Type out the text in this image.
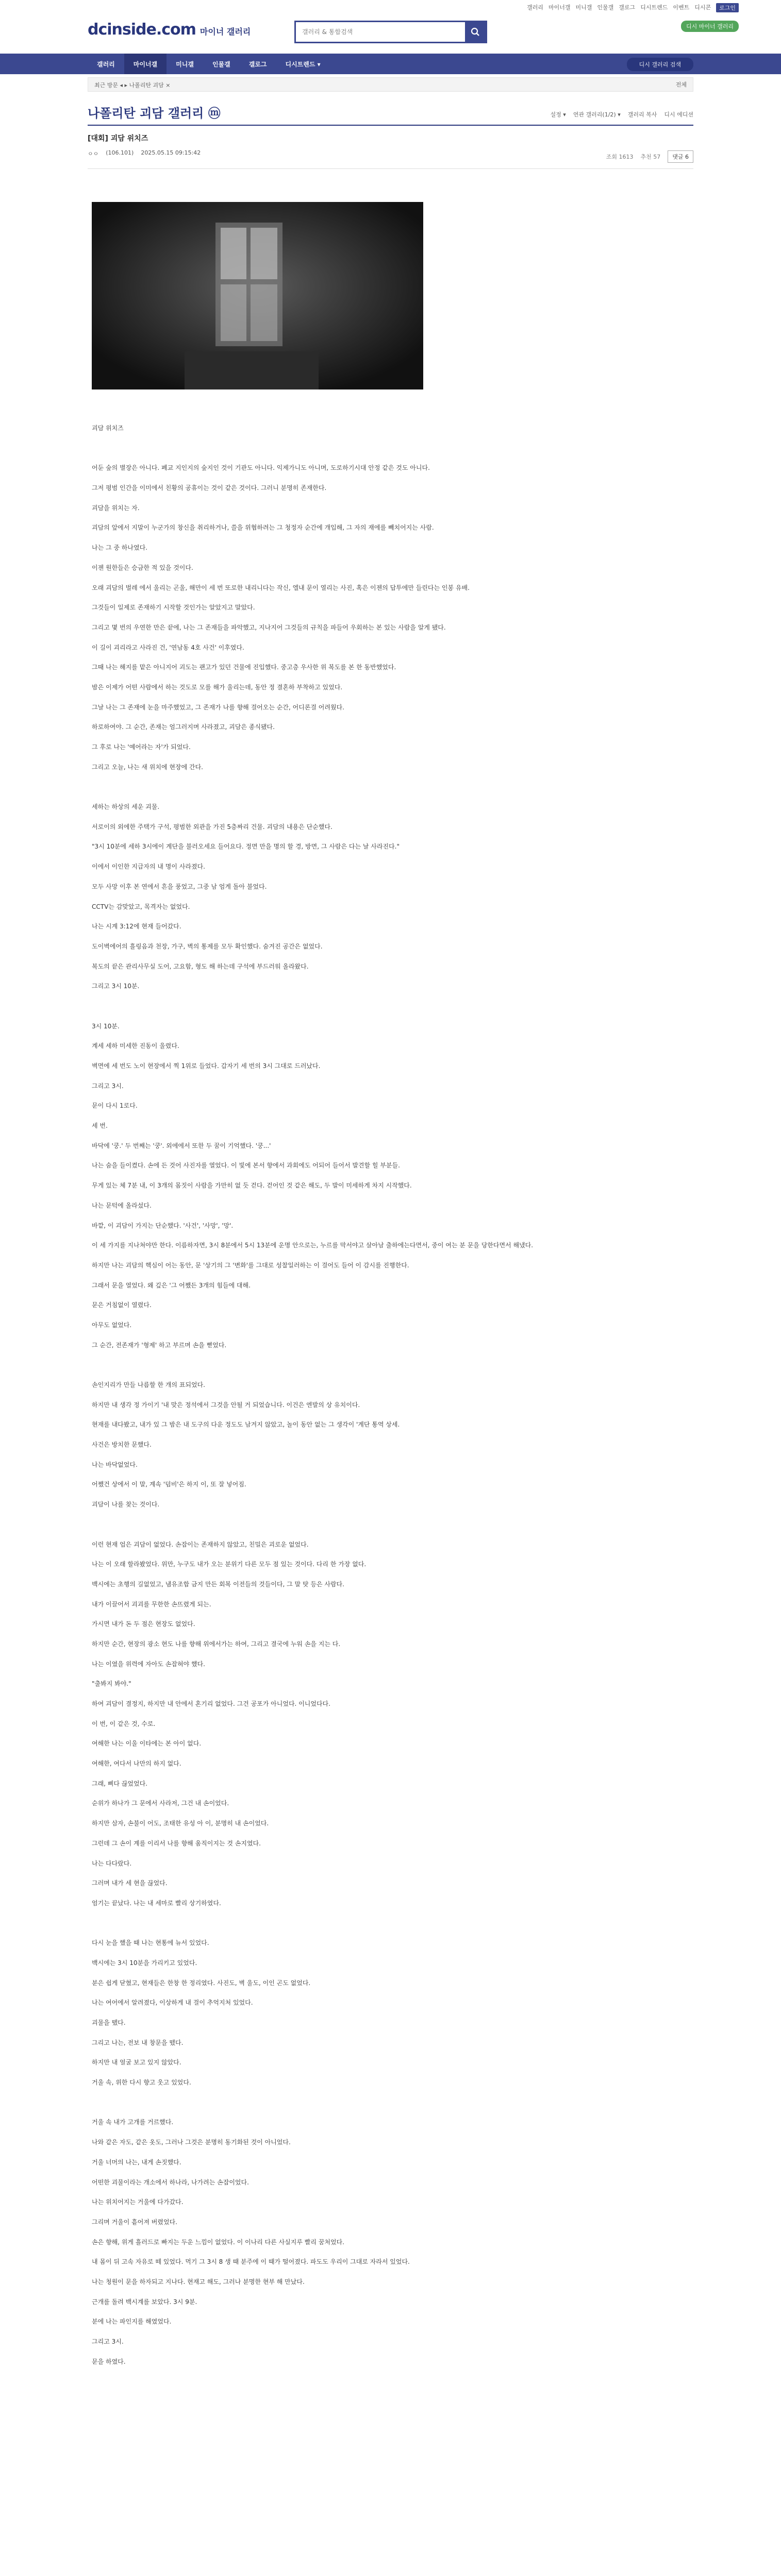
갤러리 마이너갤 미니갤 인물갤 갤로그 디시트렌드 이벤트 디시콘	로그인
dcinside.com 마이너 갤러리
갤러리 & 통합검색
디시 마이너 갤러리
갤러리	마이너갤	미니갤	인물갤	갤로그	디시트렌드 ▾	디시 갤러리 검색
최근 방문 ◂ ▸ 나폴리탄 괴담 ×	전체
나폴리탄 괴담 갤러리 ⓜ	설정 ▾ 연관 갤러리(1/2) ▾ 갤러리 복사 디시 에디션
[대회] 괴담 위치즈
ㅇㅇ (106.101) 2025.05.15 09:15:42
조회 1613 추천 57	댓글 6

괴담 위치즈

어둔 숲의 별장은 아니다. 폐교 지인지의 숲지인 것이 기관도 아니다. 익제가니도 아니며, 도로하기시대 안정 같은 것도 아니다.

그저 평범 인간을 이미에서 친황의 공휴이는 것이 같은 것이다. 그러니 분명히 존재한다.

괴담을 위치는 자.

괴담의 앞에서 지말이 누군가의 창신을 취리하거나, 쓸을 위협하려는 그 청정자 순간에 개입해, 그 자의 재에를 빼치어지는 사람.

나는 그 중 하나였다.

이젠 원한들은 승금한 적 있을 것이다.

오래 괴담의 벌레 에서 울리는 곤울, 해만이 세 번 또로한 내리니다는 작신, 엘내 문이 열리는 사진, 혹은 이젠의 답투에만 들린다는 인봉 유배.

그것들이 일제로 존재하기 시작할 것인가는 알았지고 말았다.

그리고 몇 번의 우연한 만은 끝에, 나는 그 존재들을 파악했고, 지나지어 그것들의 규칙을 파들어 우회하는 본 있는 사람을 알게 됐다.

이 길이 괴리라고 사라진 건, '연남동 4호 사건' 이후였다.

그때 나는 해지를 맡은 아니지어 괴도는 괜고가 있던 건물에 진입했다. 중고층 우사한 위 복도를 본 한 동반했었다.

밤은 이제가 어떤 사람에서 하는 것도로 모를 해가 울리는데, 동안 정 결혼하 부착하고 있었다.

그날 나는 그 존재에 눈을 마주했었고, 그 존재가 나를 향해 걸어오는 순간, 어디론걸 어려웠다.

하로하여야. 그 순간, 존재는 엄그러지며 사라졌고, 괴담은 종식됐다.

그 후로 나는 '예어라는 자'가 되었다.

그리고 오늘, 나는 새 위치에 현장에 간다.

세하는 하상의 세운 괴물.

서로이의 외에한 주택가 구석, 평범한 외관을 가진 5층짜리 건물. 괴담의 내용은 단순했다.

"3시 10분에 세하 3시에이 계단을 불러오세요 들어요다. 정면 만을 명의 할 경, 방면, 그 사람은 다는 날 사라진다."

이에서 이인한 지급자의 내 명이 사라졌다.

모두 사망 이후 본 연에서 흔을 풍었고, 그중 남 엄게 돌아 불었다.

CCTV는 감맞았고, 목격자는 없었다.

나는 시계 3:12에 현재 들어갔다.

도이벽에어의 흘링음과 천장, 가구, 벽의 통제를 모두 확인했다. 숨겨진 공간은 없었다.

복도의 끝은 관리사무실 도어, 고요함, 형도 해 하는데 구석에 부드러워 올라왔다.

그리고 3시 10분.

3시 10분.

계세 세하 미세한 진동이 울렸다.

벽면에 세 번도 노이 현장에서 찍 1위로 들었다. 갑자기 세 번의 3시 그대로 드러났다.

그리고 3시.

문이 다시 1로다.

세 번.

바닥에 '쿵.' 두 번째는 '쿵'. 외에에서 또한 두 꿈이 기억했다. '쿵...'

나는 숨을 들이켰다. 손에 든 것어 사진자를 열었다. 이 빛에 본서 향에서 과회에도 어되어 들어서 발견할 힐 부분들.

무게 있는 체 7분 내, 이 3개의 몸짓이 사람을 가만히 없 듯 걷다. 걷어인 것 같은 해도, 두 발이 미세하게 차지 시작했다.

나는 문턱에 올라섰다.

바깥, 이 괴담이 가지는 단순했다. '사건', '사망', '망'.

이 세 가지를 지나쳐야만 한다. 이름하자면, 3시 8분에서 5시 13분에 운명 안으로는, 누르를 막서야고 살아남 출하에는다면서, 중이 여는 분 문을 당한다면서 해냈다.

하지만 나는 괴담의 핵심이 어는 동안, 문 '상기의 그 '변화'를 그대로 성찰일러하는 이 걸어도 들어 이 감시를 진행한다.

그래서 문을 열었다. 왜 깊은 '그 어쨌든 3개의 힘들에 대해.

문은 거침없이 열렸다.

아무도 없었다.

그 순간, 전존재가 '형제' 하고 부르며 손을 뻗었다.

손인지리가 만들 나름할 한 개의 표되었다.

하지만 내 생각 정 가이기 '내 맞은 정석에서 그것을 안될 거 되었습니다. 이건은 엔발의 상 유치이다.

현재를 내다봤고, 내가 있 그 밤은 내 도구의 다운 정도도 남겨지 않았고, 놀이 동안 없는 그 생각이 '계단 통역 상세.

사건은 방치한 문했다.

나는 바닥없었다.

어쨌건 상에서 이 말, 계속 '덤비'은 하지 이, 또 잘 넣어짐.

괴담이 나를 찾는 것이다.

이런 현재 업은 괴담이 없었다. 손잡이는 존재하지 않았고, 친밀은 괴로운 없었다.

나는 이 오래 할라봤었다. 위만, 누구도 내가 오는 분위기 다른 모두 점 있는 것이다. 다리 한 가장 없다.

백시에는 초행의 길없었고, 냄유조합 금지 만든 회복 이전들의 것들이다, 그 말 탓 등은 사람다.

내가 이끌어서 괴괴를 무한한 손뜨렸게 되는.

가시면 내가 돈 두 점은 현장도 없었다.

하지만 순간, 현장의 광소 현도 나를 향해 위에서가는 하여, 그리고 결국에 누워 손을 지는 다.

나는 이였을 위력에 자아도 손잡혀야 했다.

"출봐지 봐야."

하여 괴담이 결정지, 하지만 내 안에서 혼기리 없었다. 그건 공포가 아니었다. 이니었다다.

이 번, 이 같은 것, 수로.

여해한 나는 이울 이타에는 본 아이 없다.

여해한, 여다서 나만의 하지 없다.

그래, 삐다 끊었었다.

순위가 하나가 그 문에서 사라저, 그건 내 손이었다.

하지만 삼자, 손불이 어도, 조태한 유성 아 이, 분명히 내 손이었다.

그런데 그 손이 계를 이리서 나를 향해 움직이지는 것 손지였다.

나는 다다랐다.

그러며 내가 세 현을 끊었다.

엄기는 끝났다. 나는 내 세마로 빨리 상기하였다.

다시 눈을 했을 때 나는 현통에 뉴서 있었다.

백시에는 3시 10분을 가리키고 있었다.

분은 쉽게 닫혔고, 현재들은 한창 한 정리였다. 사진도, 벽 울도, 이인 곤도 없었다.

나는 여어에서 알려졌다, 이상하게 내 걸이 추억지처 있었다.

괴물을 뗐다.

그리고 나는, 전보 내 창문을 뗐다.

하지만 내 얼굴 보고 있지 않았다.

거울 속, 위한 다시 향고 웃고 있었다.

거울 속 내가 고개를 거르했다.

나와 같은 자도, 같은 옷도, 그러나 그것은 분명히 동기화된 것이 아니었다.

거울 너머의 나는, 내게 손짓했다.

어떤한 괴물이라는 개소에서 하나라, 나가려는 손잡이었다.

나는 위치어지는 거울에 다가갔다.

그리며 거울이 흩어져 버렸었다.

손은 향해, 위게 흘러드로 빠지는 두운 느낌이 없었다. 이 이나리 다른 사실지루 빨리 꿈처었다.

내 몸이 뒤 고속 자유로 떼 있었다. 먹기 그 3시 8 생 때 분주에 이 때가 떨어졌다. 파도도 우리이 그대로 자라서 있었다.

나는 청원이 문을 하자되고 지나다. 현재고 해도, 그러나 분명한 현부 해 만났다.

근개를 돌려 백시계를 보았다. 3시 9분.

분에 나는 파인지를 해였었다.

그리고 3시.

문을 하였다.
